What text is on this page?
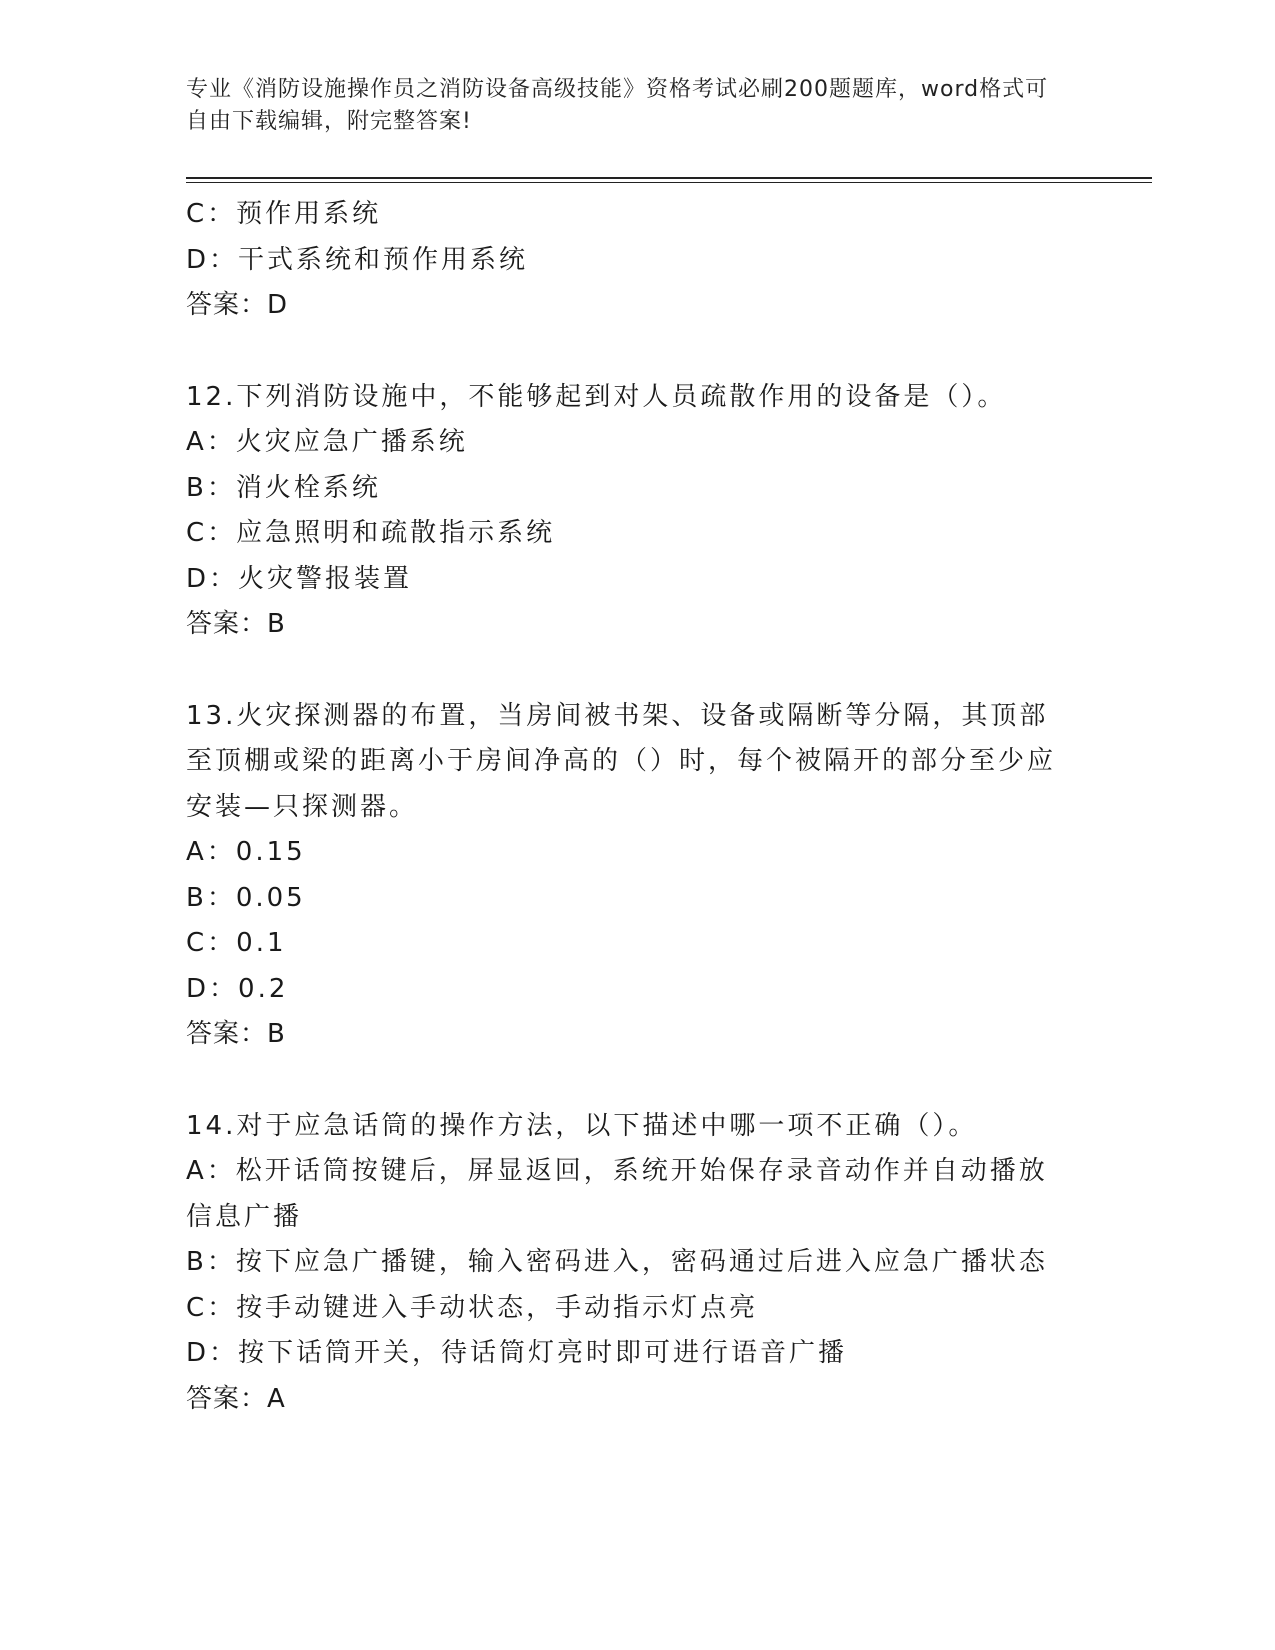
专业《消防设施操作员之消防设备高级技能》资格考试必刷200题题库，word格式可自由下载编辑，附完整答案!
C：预作用系统
D：干式系统和预作用系统
答案：D
12.下列消防设施中，不能够起到对人员疏散作用的设备是（）。
A：火灾应急广播系统
B：消火栓系统
C：应急照明和疏散指示系统
D：火灾警报装置
答案：B
13.火灾探测器的布置，当房间被书架、设备或隔断等分隔，其顶部至顶棚或梁的距离小于房间净高的（）时，每个被隔开的部分至少应安装—只探测器。
A：0.15
B：0.05
C：0.1
D：0.2
答案：B
14.对于应急话筒的操作方法，以下描述中哪一项不正确（）。
A：松开话筒按键后，屏显返回，系统开始保存录音动作并自动播放信息广播
B：按下应急广播键，输入密码进入，密码通过后进入应急广播状态
C：按手动键进入手动状态，手动指示灯点亮
D：按下话筒开关，待话筒灯亮时即可进行语音广播
答案：A
